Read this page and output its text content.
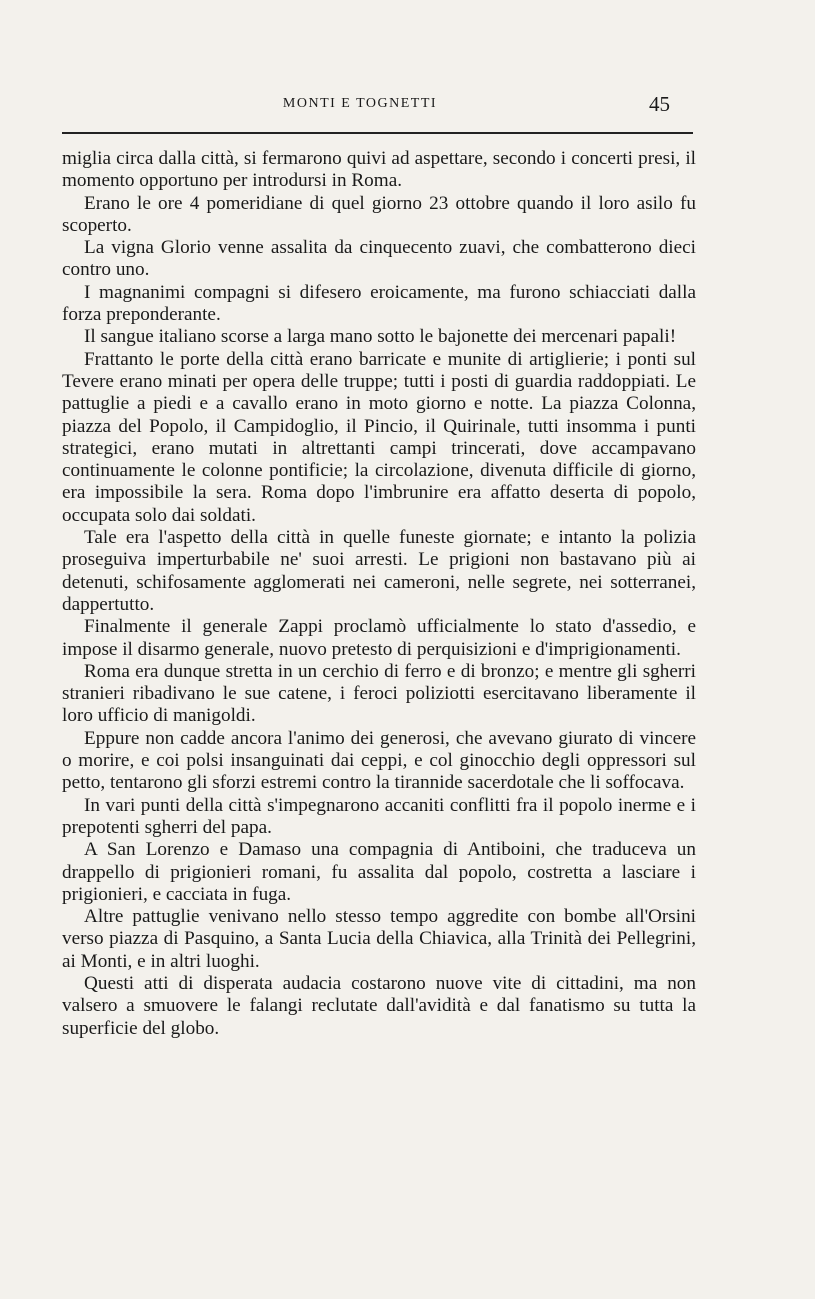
MONTI E TOGNETTI	45

miglia circa dalla città, si fermarono quivi ad aspettare, secondo i concerti presi, il momento opportuno per introdursi in Roma.

Erano le ore 4 pomeridiane di quel giorno 23 ottobre quando il loro asilo fu scoperto.

La vigna Glorio venne assalita da cinquecento zuavi, che combatterono dieci contro uno.

I magnanimi compagni si difesero eroicamente, ma furono schiacciati dalla forza preponderante.

Il sangue italiano scorse a larga mano sotto le bajonette dei mercenari papali!

Frattanto le porte della città erano barricate e munite di artiglierie; i ponti sul Tevere erano minati per opera delle truppe; tutti i posti di guardia raddoppiati. Le pattuglie a piedi e a cavallo erano in moto giorno e notte. La piazza Colonna, piazza del Popolo, il Campidoglio, il Pincio, il Quirinale, tutti insomma i punti strategici, erano mutati in altrettanti campi trincerati, dove accampavano continuamente le colonne pontificie; la circolazione, divenuta difficile di giorno, era impossibile la sera. Roma dopo l'imbrunire era affatto deserta di popolo, occupata solo dai soldati.

Tale era l'aspetto della città in quelle funeste giornate; e intanto la polizia proseguiva imperturbabile ne' suoi arresti. Le prigioni non bastavano più ai detenuti, schifosamente agglomerati nei cameroni, nelle segrete, nei sotterranei, dappertutto.

Finalmente il generale Zappi proclamò ufficialmente lo stato d'assedio, e impose il disarmo generale, nuovo pretesto di perquisizioni e d'imprigionamenti.

Roma era dunque stretta in un cerchio di ferro e di bronzo; e mentre gli sgherri stranieri ribadivano le sue catene, i feroci poliziotti esercitavano liberamente il loro ufficio di manigoldi.

Eppure non cadde ancora l'animo dei generosi, che avevano giurato di vincere o morire, e coi polsi insanguinati dai ceppi, e col ginocchio degli oppressori sul petto, tentarono gli sforzi estremi contro la tirannide sacerdotale che li soffocava.

In vari punti della città s'impegnarono accaniti conflitti fra il popolo inerme e i prepotenti sgherri del papa.

A San Lorenzo e Damaso una compagnia di Antiboini, che traduceva un drappello di prigionieri romani, fu assalita dal popolo, costretta a lasciare i prigionieri, e cacciata in fuga.

Altre pattuglie venivano nello stesso tempo aggredite con bombe all'Orsini verso piazza di Pasquino, a Santa Lucia della Chiavica, alla Trinità dei Pellegrini, ai Monti, e in altri luoghi.

Questi atti di disperata audacia costarono nuove vite di cittadini, ma non valsero a smuovere le falangi reclutate dall'avidità e dal fanatismo su tutta la superficie del globo.
